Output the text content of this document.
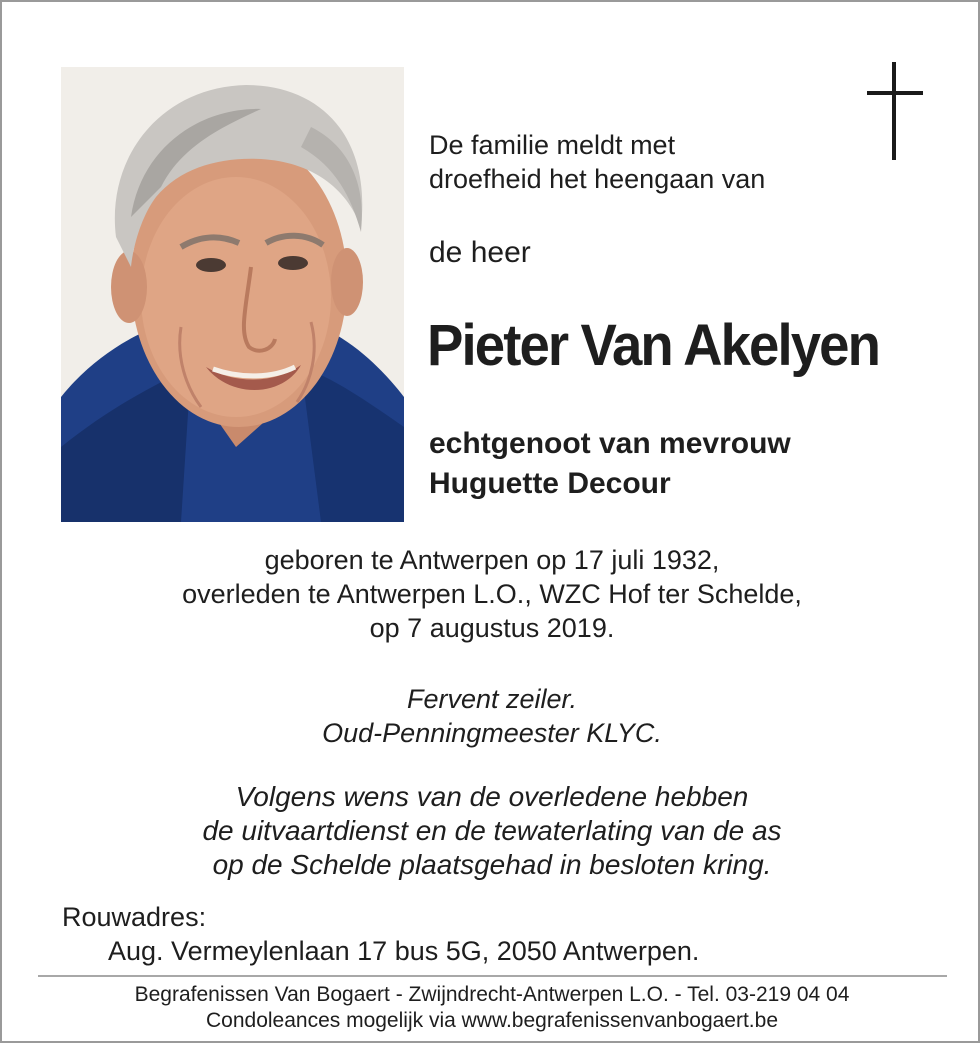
De familie meldt met
droefheid het heengaan van
de heer
Pieter Van Akelyen
echtgenoot van mevrouw
Huguette Decour
geboren te Antwerpen op 17 juli 1932,
overleden te Antwerpen L.O., WZC Hof ter Schelde,
op 7 augustus 2019.
Fervent zeiler.
Oud-Penningmeester KLYC.
Volgens wens van de overledene hebben
de uitvaartdienst en de tewaterlating van de as
op de Schelde plaatsgehad in besloten kring.
Rouwadres:
Aug. Vermeylenlaan 17 bus 5G, 2050 Antwerpen.
Begrafenissen Van Bogaert - Zwijndrecht-Antwerpen L.O. - Tel. 03-219 04 04
Condoleances mogelijk via www.begrafenissenvanbogaert.be
